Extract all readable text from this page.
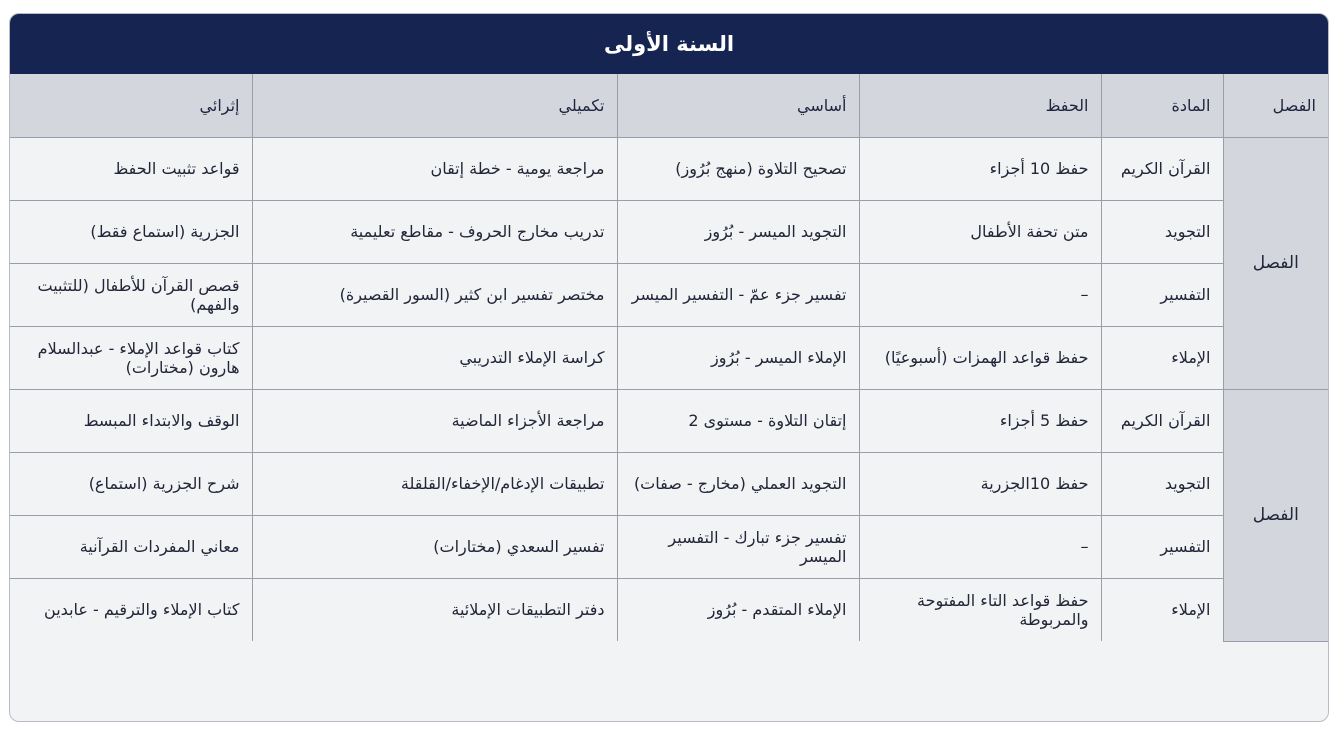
السنة الأولى
الفصل	المادة	الحفظ	أساسي	تكميلي	إثرائي
الفصل	القرآن الكريم	حفظ 10 أجزاء	تصحيح التلاوة (منهج بُرُوز)	مراجعة يومية - خطة إتقان	قواعد تثبيت الحفظ
	التجويد	متن تحفة الأطفال	التجويد الميسر - بُرُوز	تدريب مخارج الحروف - مقاطع تعليمية	الجزرية (استماع فقط)
	التفسير	–	تفسير جزء عمّ - التفسير الميسر	مختصر تفسير ابن كثير (السور القصيرة)	قصص القرآن للأطفال (للتثبيت والفهم)
	الإملاء	حفظ قواعد الهمزات (أسبوعيًا)	الإملاء الميسر - بُرُوز	كراسة الإملاء التدريبي	كتاب قواعد الإملاء - عبدالسلام هارون (مختارات)
الفصل	القرآن الكريم	حفظ 5 أجزاء	إتقان التلاوة - مستوى 2	مراجعة الأجزاء الماضية	الوقف والابتداء المبسط
	التجويد	حفظ 10الجزرية	التجويد العملي (مخارج - صفات)	تطبيقات الإدغام/الإخفاء/القلقلة	شرح الجزرية (استماع)
	التفسير	–	تفسير جزء تبارك - التفسير الميسر	تفسير السعدي (مختارات)	معاني المفردات القرآنية
	الإملاء	حفظ قواعد التاء المفتوحة والمربوطة	الإملاء المتقدم - بُرُوز	دفتر التطبيقات الإملائية	كتاب الإملاء والترقيم - عابدين
